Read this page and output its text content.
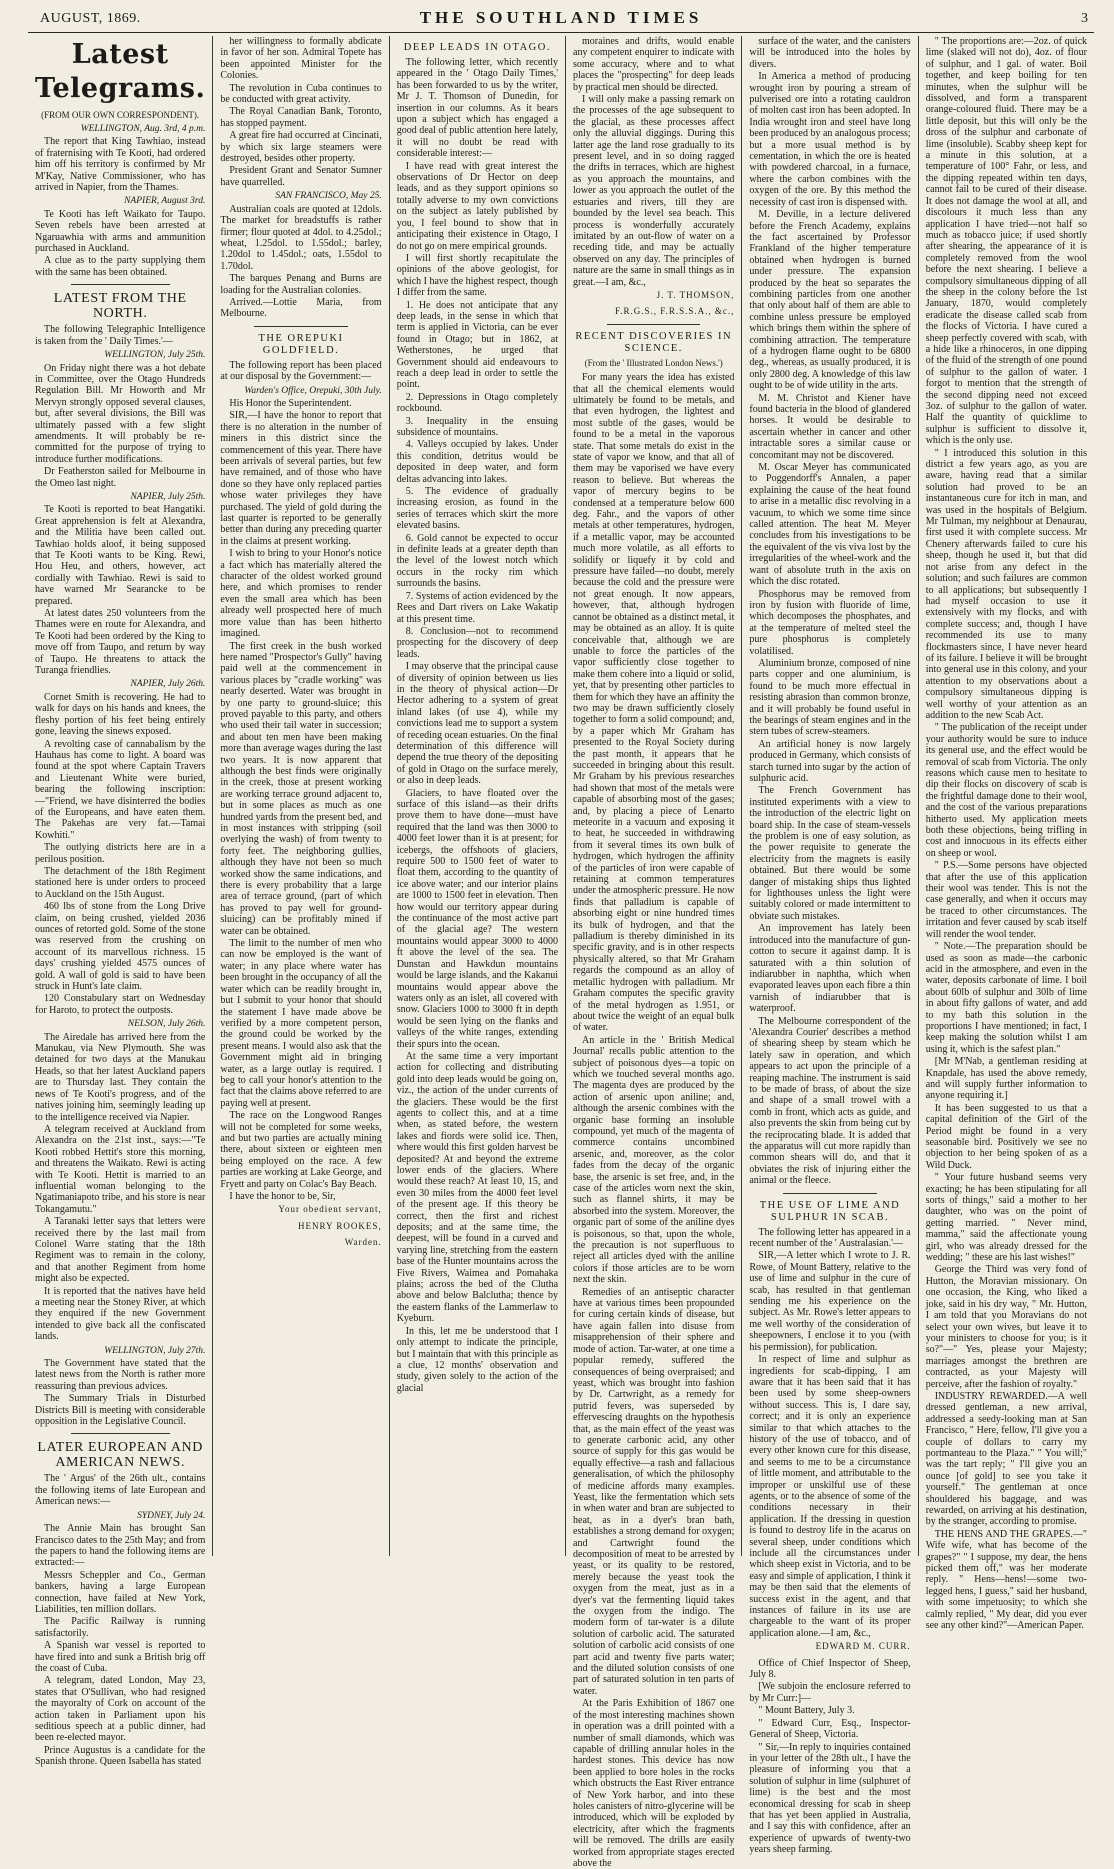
AUGUST, 1869.	THE SOUTHLAND TIMES	3
Latest Telegrams.
(FROM OUR OWN CORRESPONDENT).
WELLINGTON, Aug. 3rd, 4 p.m.

The report that King Tawhiao, instead of fraternising with Te Kooti, had ordered him off his territory is confirmed by Mr M'Kay, Native Commissioner, who has arrived in Napier, from the Thames.

NAPIER, August 3rd.

Te Kooti has left Waikato for Taupo. Seven rebels have been arrested at Ngaruawhia with arms and ammunition purchased in Auckland.

A clue as to the party supplying them with the same has been obtained.

LATEST FROM THE NORTH.

The following Telegraphic Intelligence is taken from the ' Daily Times.'—

WELLINGTON, July 25th.

On Friday night there was a hot debate in Committee, over the Otago Hundreds Regulation Bill. Mr Howorth and Mr Mervyn strongly opposed several clauses, but, after several divisions, the Bill was ultimately passed with a few slight amendments. It will probably be re-committed for the purpose of trying to introduce further modifications.

Dr Featherston sailed for Melbourne in the Omeo last night.

NAPIER, July 25th.

Te Kooti is reported to beat Hangatiki. Great apprehension is felt at Alexandra, and the Militia have been called out. Tawhiao holds aloof, it being supposed that Te Kooti wants to be King. Rewi, Hou Heu, and others, however, act cordially with Tawhiao. Rewi is said to have warned Mr Searancke to be prepared.

At latest dates 250 volunteers from the Thames were en route for Alexandra, and Te Kooti had been ordered by the King to move off from Taupo, and return by way of Taupo. He threatens to attack the Turanga friendlies.

NAPIER, July 26th.

Cornet Smith is recovering. He had to walk for days on his hands and knees, the fleshy portion of his feet being entirely gone, leaving the sinews exposed.

A revolting case of cannabalism by the Hauhaus has come to light. A board was found at the spot where Captain Travers and Lieutenant White were buried, bearing the following inscription:—"Friend, we have disinterred the bodies of the Europeans, and have eaten them. The Pakehas are very fat.—Tamai Kowhiti."

The outlying districts here are in a perilous position.

The detachment of the 18th Regiment stationed here is under orders to proceed to Auckland on the 15th August.

460 lbs of stone from the Long Drive claim, on being crushed, yielded 2036 ounces of retorted gold. Some of the stone was reserved from the crushing on account of its marvellous richness. 15 days' crushing yielded 4575 ounces of gold. A wall of gold is said to have been struck in Hunt's late claim.

120 Constabulary start on Wednesday for Haroto, to protect the outposts.

NELSON, July 26th.

The Airedale has arrived here from the Manukau, via New Plymouth. She was detained for two days at the Manukau Heads, so that her latest Auckland papers are to Thursday last. They contain the news of Te Kooti's progress, and of the natives joining him, seemingly leading up to the intelligence received via Napier.

A telegram received at Auckland from Alexandra on the 21st inst., says:—"Te Kooti robbed Hettit's store this morning, and threatens the Waikato. Rewi is acting with Te Kooti. Hettit is married to an influential woman belonging to the Ngatimaniapoto tribe, and his store is near Tokangamutu."

A Taranaki letter says that letters were received there by the last mail from Colonel Warre stating that the 18th Regiment was to remain in the colony, and that another Regiment from home might also be expected.

It is reported that the natives have held a meeting near the Stoney River, at which they enquired if the new Government intended to give back all the confiscated lands.

WELLINGTON, July 27th.

The Government have stated that the latest news from the North is rather more reassuring than previous advices.

The Summary Trials in Disturbed Districts Bill is meeting with considerable opposition in the Legislative Council.

LATER EUROPEAN AND AMERICAN NEWS.

The ' Argus' of the 26th ult., contains the following items of late European and American news:—

SYDNEY, July 24.

The Annie Main has brought San Francisco dates to the 25th May; and from the papers to hand the following items are extracted:—

Messrs Scheppler and Co., German bankers, having a large European connection, have failed at New York, Liabilities, ten million dollars.

The Pacific Railway is running satisfactorily.

A Spanish war vessel is reported to have fired into and sunk a British brig off the coast of Cuba.

A telegram, dated London, May 23, states that O'Sullivan, who had resigned the mayoralty of Cork on account of the action taken in Parliament upon his seditious speech at a public dinner, had been re-elected mayor.

Prince Augustus is a candidate for the Spanish throne. Queen Isabella has stated

her willingness to formally abdicate in favor of her son. Admiral Topete has been appointed Minister for the Colonies.

The revolution in Cuba continues to be conducted with great activity.

The Royal Canadian Bank, Toronto, has stopped payment.

A great fire had occurred at Cincinati, by which six large steamers were destroyed, besides other property.

President Grant and Senator Sumner have quarrelled.

SAN FRANCISCO, May 25.

Australian coals are quoted at 12dols. The market for breadstuffs is rather firmer; flour quoted at 4dol. to 4.25dol.; wheat, 1.25dol. to 1.55dol.; barley, 1.20dol to 1.45dol.; oats, 1.55dol to 1.70dol.

The barques Penang and Burns are loading for the Australian colonies.

Arrived.—Lottie Maria, from Melbourne.

THE OREPUKI GOLDFIELD.

The following report has been placed at our disposal by the Government:—

Warden's Office, Orepuki, 30th July.

His Honor the Superintendent.

SIR,—I have the honor to report that there is no alteration in the number of miners in this district since the commencement of this year. There have been arrivals of several parties, but few have remained, and of those who have done so they have only replaced parties whose water privileges they have purchased. The yield of gold during the last quarter is reported to be generally better than during any preceding quarter in the claims at present working.

I wish to bring to your Honor's notice a fact which has materially altered the character of the oldest worked ground here, and which promises to render even the small area which has been already well prospected here of much more value than has been hitherto imagined.

The first creek in the bush worked here named "Prospector's Gully" having paid well at the commencement in various places by "cradle working" was nearly deserted. Water was brought in by one party to ground-sluice; this proved payable to this party, and others who used their tail water in succession; and about ten men have been making more than average wages during the last two years. It is now apparent that although the best finds were originally in the creek, those at present working are working terrace ground adjacent to, but in some places as much as one hundred yards from the present bed, and in most instances with stripping (soil overlying the wash) of from twenty to forty feet. The neighboring gullies, although they have not been so much worked show the same indications, and there is every probability that a large area of terrace ground, (part of which has proved to pay well for ground-sluicing) can be profitably mined if water can be obtained.

The limit to the number of men who can now be employed is the want of water; in any place where water has been brought in the occupancy of all the water which can be readily brought in, but I submit to your honor that should the statement I have made above be verified by a more competent person, the ground could be worked by the present means. I would also ask that the Government might aid in bringing water, as a large outlay is required. I beg to call your honor's attention to the fact that the claims above referred to are paying well at present.

The race on the Longwood Ranges will not be completed for some weeks, and but two parties are actually mining there, about sixteen or eighteen men being employed on the race. A few parties are working at Lake George, and Fryett and party on Colac's Bay Beach.

I have the honor to be, Sir,

Your obedient servant,
HENRY ROOKES,
Warden.
DEEP LEADS IN OTAGO.

The following letter, which recently appeared in the ' Otago Daily Times,' has been forwarded to us by the writer, Mr J. T. Thomson of Dunedin, for insertion in our columns. As it bears upon a subject which has engaged a good deal of public attention here lately, it will no doubt be read with considerable interest:—

I have read with great interest the observations of Dr Hector on deep leads, and as they support opinions so totally adverse to my own convictions on the subject as lately published by you, I feel bound to show that in anticipating their existence in Otago, I do not go on mere empirical grounds.

I will first shortly recapitulate the opinions of the above geologist, for which I have the highest respect, though I differ from the same.

1. He does not anticipate that any deep leads, in the sense in which that term is applied in Victoria, can be ever found in Otago; but in 1862, at Wetherstones, he urged that Government should aid endeavours to reach a deep lead in order to settle the point.

2. Depressions in Otago completely rockbound.

3. Inequality in the ensuing subsidence of mountains.

4. Valleys occupied by lakes. Under this condition, detritus would be deposited in deep water, and form deltas advancing into lakes.

5. The evidence of gradually increasing erosion, as found in the series of terraces which skirt the more elevated basins.

6. Gold cannot be expected to occur in definite leads at a greater depth than the level of the lowest notch which occurs in the rocky rim which surrounds the basins.

7. Systems of action evidenced by the Rees and Dart rivers on Lake Wakatip at this present time.

8. Conclusion—not to recommend prospecting for the discovery of deep leads.

I may observe that the principal cause of diversity of opinion between us lies in the theory of physical action—Dr Hector adhering to a system of great inland lakes (of use 4), while my convictions lead me to support a system of receding ocean estuaries. On the final determination of this difference will depend the true theory of the depositing of gold in Otago on the surface merely, or also in deep leads.

Glaciers, to have floated over the surface of this island—as their drifts prove them to have done—must have required that the land was then 3000 to 4000 feet lower than it is at present; for icebergs, the offshoots of glaciers, require 500 to 1500 feet of water to float them, according to the quantity of ice above water; and our interior plains are 1000 to 1500 feet in elevation. Then how would our territory appear during the continuance of the most active part of the glacial age? The western mountains would appear 3000 to 4000 ft above the level of the sea. The Dunstan and Hawkdun mountains would be large islands, and the Kakanui mountains would appear above the waters only as an islet, all covered with snow. Glaciers 1000 to 3000 ft in depth would be seen lying on the flanks and valleys of the white ranges, extending their spurs into the ocean.

At the same time a very important action for collecting and distributing gold into deep leads would be going on, viz., the action of the under currents of the glaciers. These would be the first agents to collect this, and at a time when, as stated before, the western lakes and fiords were solid ice. Then, where would this first golden harvest be deposited? At and beyond the extreme lower ends of the glaciers. Where would these reach? At least 10, 15, and even 30 miles from the 4000 feet level of the present age. If this theory be correct, then the first and richest deposits; and at the same time, the deepest, will be found in a curved and varying line, stretching from the eastern base of the Hunter mountains across the Five Rivers, Waimea and Pomahaka plains; across the bed of the Clutha above and below Balclutha; thence by the eastern flanks of the Lammerlaw to Kyeburn.

In this, let me be understood that I only attempt to indicate the principle, but I maintain that with this principle as a clue, 12 months' observation and study, given solely to the action of the glacial

moraines and drifts, would enable any competent enquirer to indicate with some accuracy, where and to what places the "prospecting" for deep leads by practical men should be directed.

I will only make a passing remark on the processes of the age subsequent to the glacial, as these processes affect only the alluvial diggings. During this latter age the land rose gradually to its present level, and in so doing ragged the drifts in terraces, which are highest as you approach the mountains, and lower as you approach the outlet of the estuaries and rivers, till they are bounded by the level sea beach. This process is wonderfully accurately imitated by an out-flow of water on a receding tide, and may be actually observed on any day. The principles of nature are the same in small things as in great.—I am, &c.,

J. T. THOMSON,
F.R.G.S., F.R.S.S.A., &c.,
RECENT DISCOVERIES IN SCIENCE.
(From the ' Illustrated London News.')

For many years the idea has existed that all the chemical elements would ultimately be found to be metals, and that even hydrogen, the lightest and most subtle of the gases, would be found to be a metal in the vaporous state. That some metals do exist in the state of vapor we know, and that all of them may be vaporised we have every reason to believe. But whereas the vapor of mercury begins to be condensed at a temperature below 600 deg. Fahr., and the vapors of other metals at other temperatures, hydrogen, if a metallic vapor, may be accounted much more volatile, as all efforts to solidify or liquefy it by cold and pressure have failed—no doubt, merely because the cold and the pressure were not great enough. It now appears, however, that, although hydrogen cannot be obtained as a distinct metal, it may be obtained as an alloy. It is quite conceivable that, although we are unable to force the particles of the vapor sufficiently close together to make them cohere into a liquid or solid, yet, that by presenting other particles to them for which they have an affinity the two may be drawn sufficiently closely together to form a solid compound; and, by a paper which Mr Graham has presented to the Royal Society during the past month, it appears that he succeeded in bringing about this result. Mr Graham by his previous researches had shown that most of the metals were capable of absorbing most of the gases; and, by placing a piece of Lenarto meteorite in a vacuum and exposing it to heat, he succeeded in withdrawing from it several times its own bulk of hydrogen, which hydrogen the affinity of the particles of iron were capable of retaining at common temperatures under the atmospheric pressure. He now finds that palladium is capable of absorbing eight or nine hundred times its bulk of hydrogen, and that the palladium is thereby diminished in its specific gravity, and is in other respects physically altered, so that Mr Graham regards the compound as an alloy of metallic hydrogen with palladium. Mr Graham computes the specific gravity of the metal hydrogen as 1.951, or about twice the weight of an equal bulk of water.

An article in the ' British Medical Journal' recalls public attention to the subject of poisonous dyes—a topic on which we touched several months ago. The magenta dyes are produced by the action of arsenic upon aniline; and, although the arsenic combines with the organic base forming an insoluble compound, yet much of the magenta of commerce contains uncombined arsenic, and, moreover, as the color fades from the decay of the organic base, the arsenic is set free, and, in the case of the articles worn next the skin, such as flannel shirts, it may be absorbed into the system. Moreover, the organic part of some of the aniline dyes is poisonous, so that, upon the whole, the precaution is not superfluous to reject all articles dyed with the aniline colors if those articles are to be worn next the skin.

Remedies of an antiseptic character have at various times been propounded for curing certain kinds of disease, but have again fallen into disuse from misapprehension of their sphere and mode of action. Tar-water, at one time a popular remedy, suffered the consequences of being overpraised; and yeast, which was brought into fashion by Dr. Cartwright, as a remedy for putrid fevers, was superseded by effervescing draughts on the hypothesis that, as the main effect of the yeast was to generate carbonic acid, any other source of supply for this gas would be equally effective—a rash and fallacious generalisation, of which the philosophy of medicine affords many examples. Yeast, like the fermentation which sets in when water and bran are subjected to heat, as in a dyer's bran bath, establishes a strong demand for oxygen; and Cartwright found the decomposition of meat to be arrested by yeast, or its quality to be restored, merely because the yeast took the oxygen from the meat, just as in a dyer's vat the fermenting liquid takes the oxygen from the indigo. The modern form of tar-water is a dilute solution of carbolic acid. The saturated solution of carbolic acid consists of one part acid and twenty five parts water; and the diluted solution consists of one part of saturated solution in ten parts of water.

At the Paris Exhibition of 1867 one of the most interesting machines shown in operation was a drill pointed with a number of small diamonds, which was capable of drilling annular holes in the hardest stones. This device has now been applied to bore holes in the rocks which obstructs the East River entrance of New York harbor, and into these holes canisters of nitro-glycerine will be introduced, which will be exploded by electricity, after which the fragments will be removed. The drills are easily worked from appropriate stages erected above the

surface of the water, and the canisters will be introduced into the holes by divers.

In America a method of producing wrought iron by pouring a stream of pulverised ore into a rotating cauldron of molten cast iron has been adopted. In India wrought iron and steel have long been produced by an analogous process; but a more usual method is by cementation, in which the ore is heated with powdered charcoal, in a furnace, where the carbon combines with the oxygen of the ore. By this method the necessity of cast iron is dispensed with.

M. Deville, in a lecture delivered before the French Academy, explains the fact ascertained by Professor Frankland of the higher temperature obtained when hydrogen is burned under pressure. The expansion produced by the heat so separates the combining particles from one another that only about half of them are able to combine unless pressure be employed which brings them within the sphere of combining attraction. The temperature of a hydrogen flame ought to be 6800 deg., whereas, as usually produced, it is only 2800 deg. A knowledge of this law ought to be of wide utility in the arts.

M. M. Christot and Kiener have found bacteria in the blood of glandered horses. It would be desirable to ascertain whether in cancer and other intractable sores a similar cause or concomitant may not be discovered.

M. Oscar Meyer has communicated to Poggendorff's Annalen, a paper explaining the cause of the heat found to arise in a metallic disc revolving in a vacuum, to which we some time since called attention. The heat M. Meyer concludes from his investigations to be the equivalent of the vis viva lost by the irregularities of the wheel-work and the want of absolute truth in the axis on which the disc rotated.

Phosphorus may be removed from iron by fusion with fluoride of lime, which decomposes the phosphates, and at the temperature of melted steel the pure phosphorus is completely volatilised.

Aluminium bronze, composed of nine parts copper and one aluminium, is found to be much more effectual in resisting abrasion than common bronze, and it will probably be found useful in the bearings of steam engines and in the stern tubes of screw-steamers.

An artificial honey is now largely produced in Germany, which consists of starch turned into sugar by the action of sulphuric acid.

The French Government has instituted experiments with a view to the introduction of the electric light on board ship. In the case of steam-vessels the problem is one of easy solution, as the power requisite to generate the electricity from the magnets is easily obtained. But there would be some danger of mistaking ships thus lighted for lighthouses unless the light were suitably colored or made intermittent to obviate such mistakes.

An improvement has lately been introduced into the manufacture of gun-cotton to secure it against damp. It is saturated with a thin solution of indiarubber in naphtha, which when evaporated leaves upon each fibre a thin varnish of indiarubber that is waterproof.

The Melbourne correspondent of the 'Alexandra Courier' describes a method of shearing sheep by steam which he lately saw in operation, and which appears to act upon the principle of a reaping machine. The instrument is said to be made of brass, of about the size and shape of a small trowel with a comb in front, which acts as guide, and also prevents the skin from being cut by the reciprocating blade. It is added that the apparatus will cut more rapidly than common shears will do, and that it obviates the risk of injuring either the animal or the fleece.

THE USE OF LIME AND SULPHUR IN SCAB.

The following letter has appeared in a recent number of the ' Australasian.'—

SIR,—A letter which I wrote to J. R. Rowe, of Mount Battery, relative to the use of lime and sulphur in the cure of scab, has resulted in that gentleman sending me his experience on the subject. As Mr. Rowe's letter appears to me well worthy of the consideration of sheepowners, I enclose it to you (with his permission), for publication.

In respect of lime and sulphur as ingredients for scab-dipping, I am aware that it has been said that it has been used by some sheep-owners without success. This is, I dare say, correct; and it is only an experience similar to that which attaches to the history of the use of tobacco, and of every other known cure for this disease, and seems to me to be a circumstance of little moment, and attributable to the improper or unskilful use of these agents, or to the absence of some of the conditions necessary in their application. If the dressing in question is found to destroy life in the acarus on several sheep, under conditions which include all the circumstances under which sheep exist in Victoria, and to be easy and simple of application, I think it may be then said that the elements of success exist in the agent, and that instances of failure in its use are chargeable to the want of its proper application alone.—I am, &c.,

EDWARD M. CURR.

Office of Chief Inspector of Sheep, July 8.

[We subjoin the enclosure referred to by Mr Curr:]—

" Mount Battery, July 3.

" Edward Curr, Esq., Inspector-General of Sheep, Victoria.

" Sir,—In reply to inquiries contained in your letter of the 28th ult., I have the pleasure of informing you that a solution of sulphur in lime (sulphuret of lime) is the best and the most economical dressing for scab in sheep that has yet been applied in Australia, and I say this with confidence, after an experience of upwards of twenty-two years sheep farming.

" The proportions are:—2oz. of quick lime (slaked will not do), 4oz. of flour of sulphur, and 1 gal. of water. Boil together, and keep boiling for ten minutes, when the sulphur will be dissolved, and form a transparent orange-coloured fluid. There may be a little deposit, but this will only be the dross of the sulphur and carbonate of lime (insoluble). Scabby sheep kept for a minute in this solution, at a temperature of 100° Fahr, or less, and the dipping repeated within ten days, cannot fail to be cured of their disease. It does not damage the wool at all, and discolours it much less than any application I have tried—not half so much as tobacco juice; if used shortly after shearing, the appearance of it is completely removed from the wool before the next shearing. I believe a compulsory simultaneous dipping of all the sheep in the colony before the 1st January, 1870, would completely eradicate the disease called scab from the flocks of Victoria. I have cured a sheep perfectly covered with scab, with a hide like a rhinoceros, in one dipping of the fluid of the strength of one pound of sulphur to the gallon of water. I forgot to mention that the strength of the second dipping need not exceed 3oz. of sulphur to the gallon of water. Half the quantity of quicklime to sulphur is sufficient to dissolve it, which is the only use.

" I introduced this solution in this district a few years ago, as you are aware, having read that a similar solution had proved to be an instantaneous cure for itch in man, and was used in the hospitals of Belgium. Mr Tulman, my neighbour at Denaurau, first used it with complete success. Mr Chenery afterwards failed to cure his sheep, though he used it, but that did not arise from any defect in the solution; and such failures are common to all applications; but subsequently I had myself occasion to use it extensively with my flocks, and with complete success; and, though I have recommended its use to many flockmasters since, I have never heard of its failure. I believe it will be brought into general use in this colony, and your attention to my observations about a compulsory simultaneous dipping is well worthy of your attention as an addition to the new Scab Act.

" The publication of the receipt under your authority would be sure to induce its general use, and the effect would be removal of scab from Victoria. The only reasons which cause men to hesitate to dip their flocks on discovery of scab is the frightful damage done to their wool, and the cost of the various preparations hitherto used. My application meets both these objections, being trifling in cost and innocuous in its effects either on sheep or wool.

" P.S.—Some persons have objected that after the use of this application their wool was tender. This is not the case generally, and when it occurs may be traced to other circumstances. The irritation and fever caused by scab itself will render the wool tender.

" Note.—The preparation should be used as soon as made—the carbonic acid in the atmosphere, and even in the water, deposits carbonate of lime. I boil about 60lb of sulphur and 30lb of lime in about fifty gallons of water, and add to my bath this solution in the proportions I have mentioned; in fact, I keep making the solution whilst I am using it, which is the safest plan."

[Mr M'Nab, a gentleman residing at Knapdale, has used the above remedy, and will supply further information to anyone requiring it.]

It has been suggested to us that a capital definition of the Girl of the Period might be found in a very seasonable bird. Positively we see no objection to her being spoken of as a Wild Duck.

" Your future husband seems very exacting; he has been stipulating for all sorts of things," said a mother to her daughter, who was on the point of getting married. " Never mind, mamma," said the affectionate young girl, who was already dressed for the wedding; " these are his last wishes!"

George the Third was very fond of Hutton, the Moravian missionary. On one occasion, the King, who liked a joke, said in his dry way, " Mr. Hutton, I am told that you Moravians do not select your own wives, but leave it to your ministers to choose for you; is it so?"—" Yes, please your Majesty; marriages amongst the brethren are contracted, as your Majesty will perceive, after the fashion of royalty."

INDUSTRY REWARDED.—A well dressed gentleman, a new arrival, addressed a seedy-looking man at San Francisco, " Here, fellow, I'll give you a couple of dollars to carry my portmanteau to the Plaza." " You will;" was the tart reply; " I'll give you an ounce [of gold] to see you take it yourself." The gentleman at once shouldered his baggage, and was rewarded, on arriving at his destination, by the stranger, according to promise.

THE HENS AND THE GRAPES.—" Wife wife, what has become of the grapes?" " I suppose, my dear, the hens picked them off," was her moderate reply. " Hens—hens!—some two-legged hens, I guess," said her husband, with some impetuosity; to which she calmly replied, " My dear, did you ever see any other kind?"—American Paper.
